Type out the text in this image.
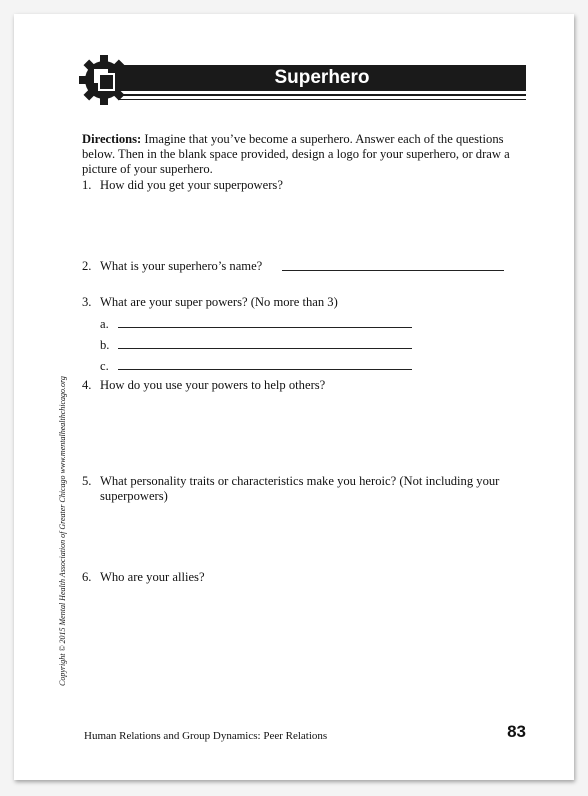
Superhero

Directions: Imagine that you’ve become a superhero. Answer each of the questions below. Then in the blank space provided, design a logo for your superhero, or draw a picture of your superhero.

1. How did you get your superpowers?
2. What is your superhero’s name?
3. What are your super powers? (No more than 3)
a.
b.
c.
4. How do you use your powers to help others?
5. What personality traits or characteristics make you heroic? (Not including your superpowers)
6. Who are your allies?
Copyright © 2015 Mental Health Association of Greater Chicago www.mentalhealthchicago.org
Human Relations and Group Dynamics: Peer Relations	83
